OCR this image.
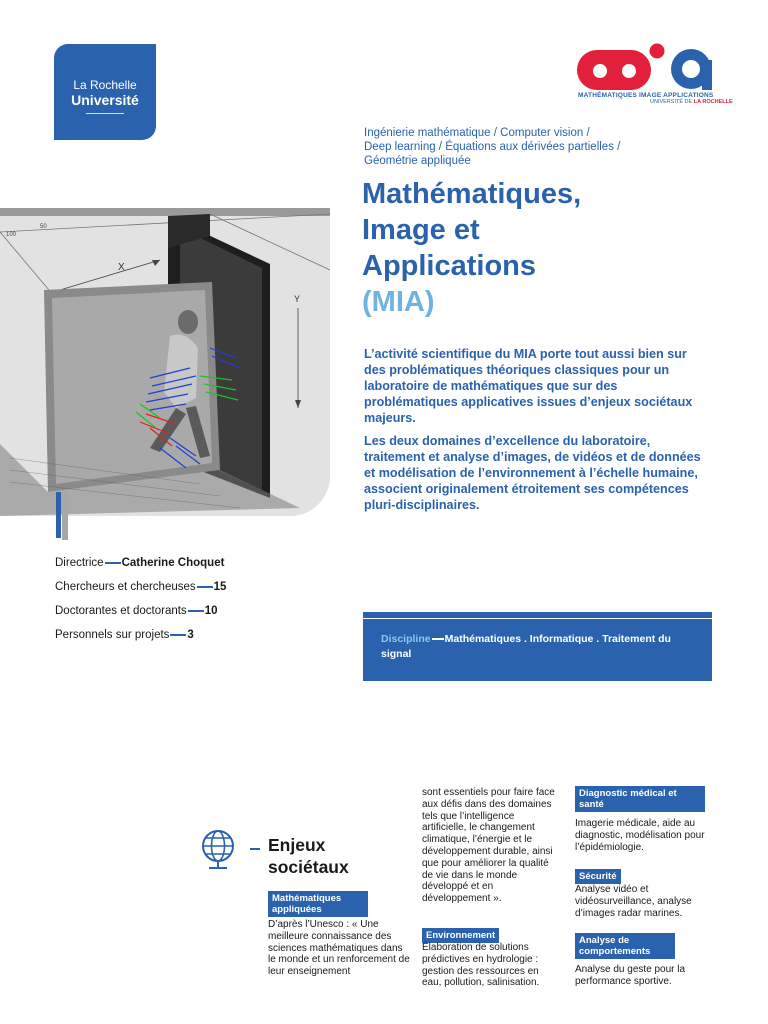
La Rochelle
Université	MATHÉMATIQUES IMAGE APPLICATIONS
UNIVERSITÉ DE LA ROCHELLE
Ingénierie mathématique / Computer vision /
Deep learning / Équations aux dérivées partielles /
Géométrie appliquée
Mathématiques,
Image et
Applications
(MIA)

L’activité scientifique du MIA porte tout aussi bien sur des problématiques théoriques classiques pour un laboratoire de mathématiques que sur des problématiques applicatives issues d’enjeux sociétaux majeurs.

Les deux domaines d’excellence du laboratoire, traitement et analyse d’images, de vidéos et de données et modélisation de l’environnement à l’échelle humaine, associent originalement étroitement ses compétences pluri-disciplinaires.

100
50
X
Y
Directrice Catherine Choquet
Chercheurs et chercheuses 15
Doctorantes et doctorants 10
Personnels sur projets 3	Discipline Mathématiques . Informatique . Traitement du signal
Enjeux
sociétaux
Mathématiques appliquées
D’après l’Unesco : « Une meilleure connaissance des sciences mathématiques dans le monde et un renforcement de leur enseignement
sont essentiels pour faire face aux défis dans des domaines tels que l’intelligence artificielle, le changement climatique, l’énergie et le développement durable, ainsi que pour améliorer la qualité de vie dans le monde développé et en développement ».
Environnement
Élaboration de solutions prédictives en hydrologie : gestion des ressources en eau, pollution, salinisation.
Diagnostic médical et santé
Imagerie médicale, aide au diagnostic, modélisation pour l’épidémiologie.
Sécurité
Analyse vidéo et vidéosurveillance, analyse d’images radar marines.
Analyse de comportements
Analyse du geste pour la performance sportive.
